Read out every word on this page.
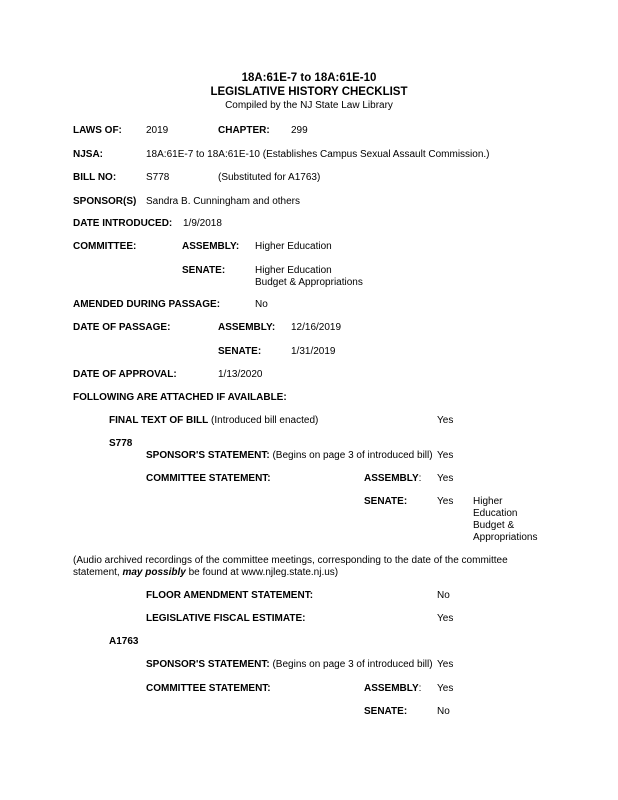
18A:61E-7 to 18A:61E-10
LEGISLATIVE HISTORY CHECKLIST
Compiled by the NJ State Law Library
LAWS OF: 2019	CHAPTER: 299
NJSA:	18A:61E-7 to 18A:61E-10 (Establishes Campus Sexual Assault Commission.)
BILL NO:	S778	(Substituted for A1763)
SPONSOR(S) Sandra B. Cunningham and others
DATE INTRODUCED: 1/9/2018
COMMITTEE:	ASSEMBLY: Higher Education
SENATE:	Higher Education
Budget & Appropriations
AMENDED DURING PASSAGE:	No
DATE OF PASSAGE:	ASSEMBLY: 12/16/2019
SENATE:	1/31/2019
DATE OF APPROVAL:	1/13/2020
FOLLOWING ARE ATTACHED IF AVAILABLE:
FINAL TEXT OF BILL (Introduced bill enacted)	Yes
S778
SPONSOR'S STATEMENT: (Begins on page 3 of introduced bill) Yes
COMMITTEE STATEMENT:	ASSEMBLY: Yes
SENATE:	Yes Higher
Education
Budget &
Appropriations
(Audio archived recordings of the committee meetings, corresponding to the date of the committee
statement, may possibly be found at www.njleg.state.nj.us)
FLOOR AMENDMENT STATEMENT:	No
LEGISLATIVE FISCAL ESTIMATE:	Yes
A1763
SPONSOR'S STATEMENT: (Begins on page 3 of introduced bill) Yes
COMMITTEE STATEMENT:	ASSEMBLY: Yes
SENATE:	No
